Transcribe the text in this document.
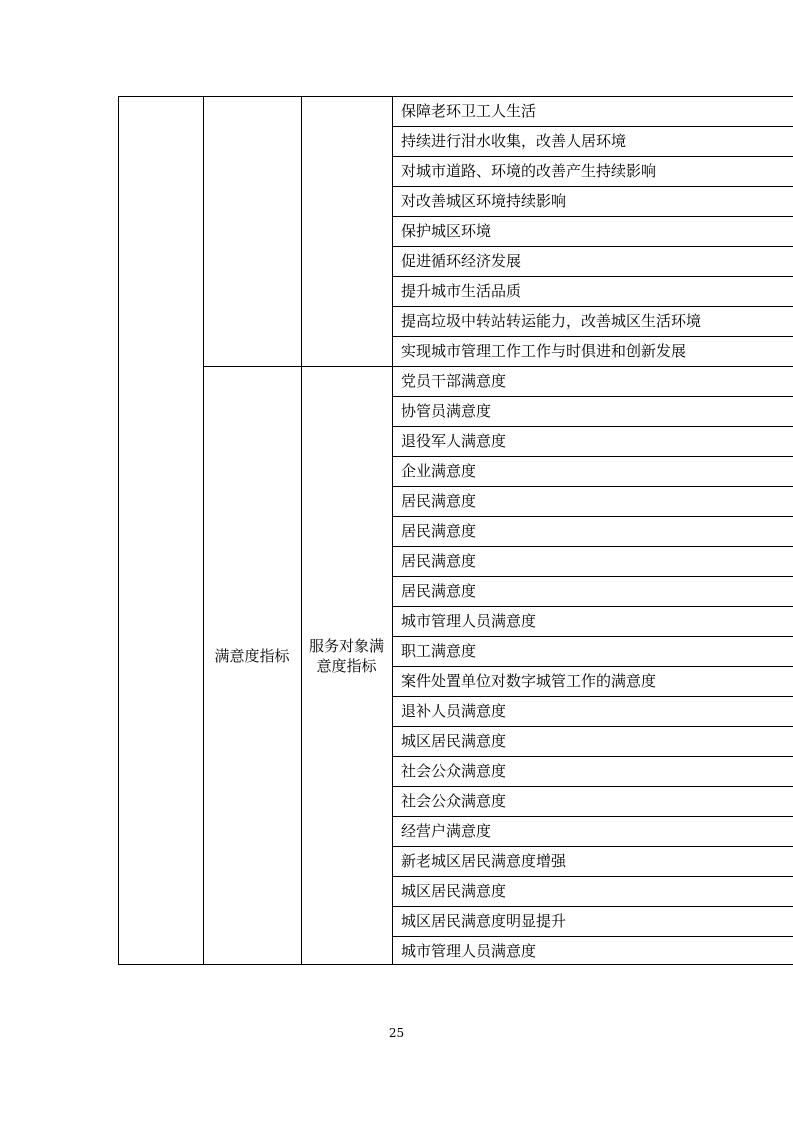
保障老环卫工人生活
持续进行泔水收集，改善人居环境
对城市道路、环境的改善产生持续影响
对改善城区环境持续影响
保护城区环境
促进循环经济发展
提升城市生活品质
提高垃圾中转站转运能力，改善城区生活环境
实现城市管理工作工作与时俱进和创新发展
党员干部满意度
协管员满意度
退役军人满意度
企业满意度
居民满意度
居民满意度
居民满意度
居民满意度
城市管理人员满意度
职工满意度
案件处置单位对数字城管工作的满意度
退补人员满意度
城区居民满意度
社会公众满意度
社会公众满意度
经营户满意度
新老城区居民满意度增强
城区居民满意度
城区居民满意度明显提升
城市管理人员满意度
满意度指标
服务对象满意度指标
25
